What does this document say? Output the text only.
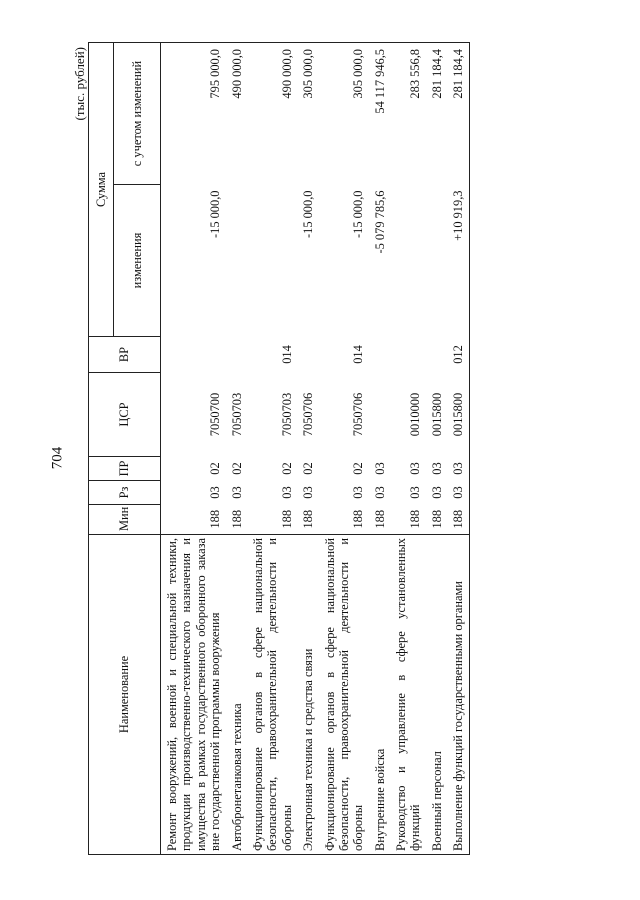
704
(тыс. рублей)
Наименование	Мин	Рз	ПР	ЦСР	ВР	Сумма	
						изменения	с учетом изменений
Ремонт вооружений, военной и специальной техники, продукции производственно-технического назначения и имущества в рамках государственного оборонного заказа вне государственной программы вооружения	188	03	02	7050700		-15 000,0	795 000,0
Автобронетанковая техника	188	03	02	7050703			490 000,0
Функционирование органов в сфере национальной безопасности, правоохранительной деятельности и обороны	188	03	02	7050703	014		490 000,0
Электронная техника и средства связи	188	03	02	7050706		-15 000,0	305 000,0
Функционирование органов в сфере национальной безопасности, правоохранительной деятельности и обороны	188	03	02	7050706	014	-15 000,0	305 000,0
Внутренние войска	188	03	03			-5 079 785,6	54 117 946,5
Руководство и управление в сфере установленных функций	188	03	03	0010000			283 556,8
Военный персонал	188	03	03	0015800			281 184,4
Выполнение функций государственными органами	188	03	03	0015800	012	+10 919,3	281 184,4
